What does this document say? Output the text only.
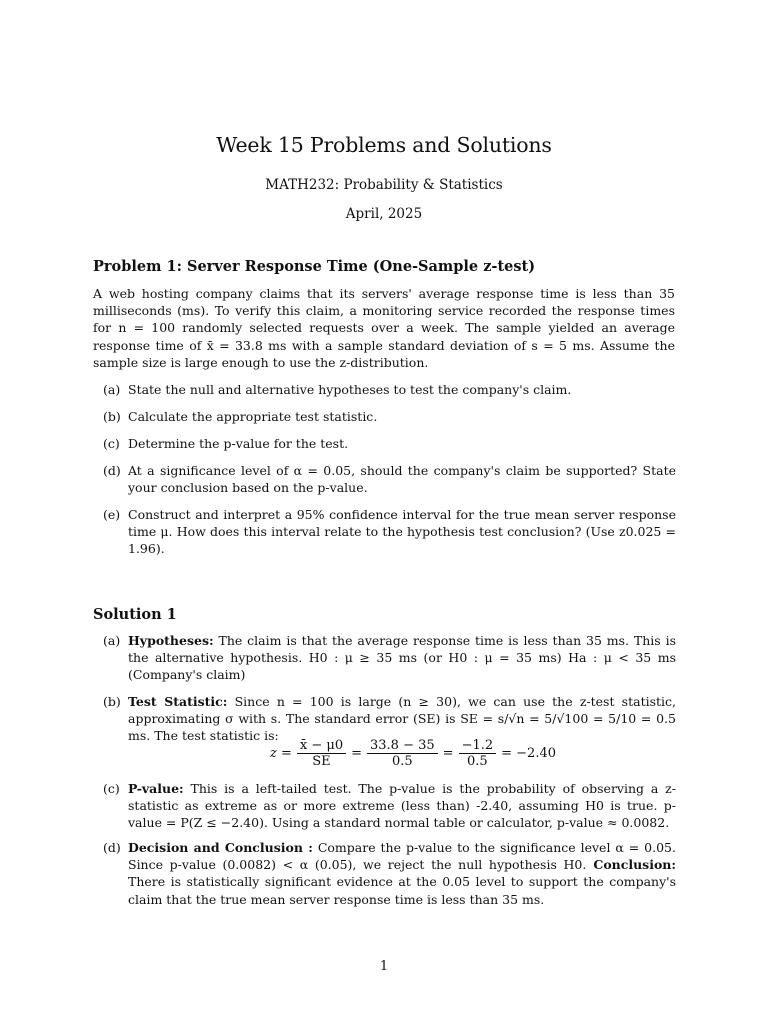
Week 15 Problems and Solutions
MATH232: Probability & Statistics
April, 2025
Problem 1: Server Response Time (One-Sample z-test)
A web hosting company claims that its servers' average response time is less than 35 milliseconds (ms). To verify this claim, a monitoring service recorded the response times for n = 100 randomly selected requests over a week. The sample yielded an average response time of x̄ = 33.8 ms with a sample standard deviation of s = 5 ms. Assume the sample size is large enough to use the z-distribution.
(a) State the null and alternative hypotheses to test the company's claim.
(b) Calculate the appropriate test statistic.
(c) Determine the p-value for the test.
(d) At a significance level of α = 0.05, should the company's claim be supported? State your conclusion based on the p-value.
(e) Construct and interpret a 95% confidence interval for the true mean server response time μ. How does this interval relate to the hypothesis test conclusion? (Use z0.025 = 1.96).
Solution 1
(a) Hypotheses: The claim is that the average response time is less than 35 ms. This is the alternative hypothesis. H0 : μ ≥ 35 ms (or H0 : μ = 35 ms) Ha : μ < 35 ms (Company's claim)
(b) Test Statistic: Since n = 100 is large (n ≥ 30), we can use the z-test statistic, approximating σ with s. The standard error (SE) is SE = s/√n = 5/√100 = 5/10 = 0.5 ms. The test statistic is:
$z = \frac{x̄ - \mu 0}{SE} = \frac{33.8 - 35}{0.5} = \frac{-1.2}{0.5} = -2.40$
(c) P-value: This is a left-tailed test. The p-value is the probability of observing a z-statistic as extreme as or more extreme (less than) -2.40, assuming H0 is true. p-value = P(Z ≤ −2.40). Using a standard normal table or calculator, p-value ≈ 0.0082.
(d) Decision and Conclusion : Compare the p-value to the significance level α = 0.05. Since p-value (0.0082) < α (0.05), we reject the null hypothesis H0. Conclusion: There is statistically significant evidence at the 0.05 level to support the company's claim that the true mean server response time is less than 35 ms.
1
